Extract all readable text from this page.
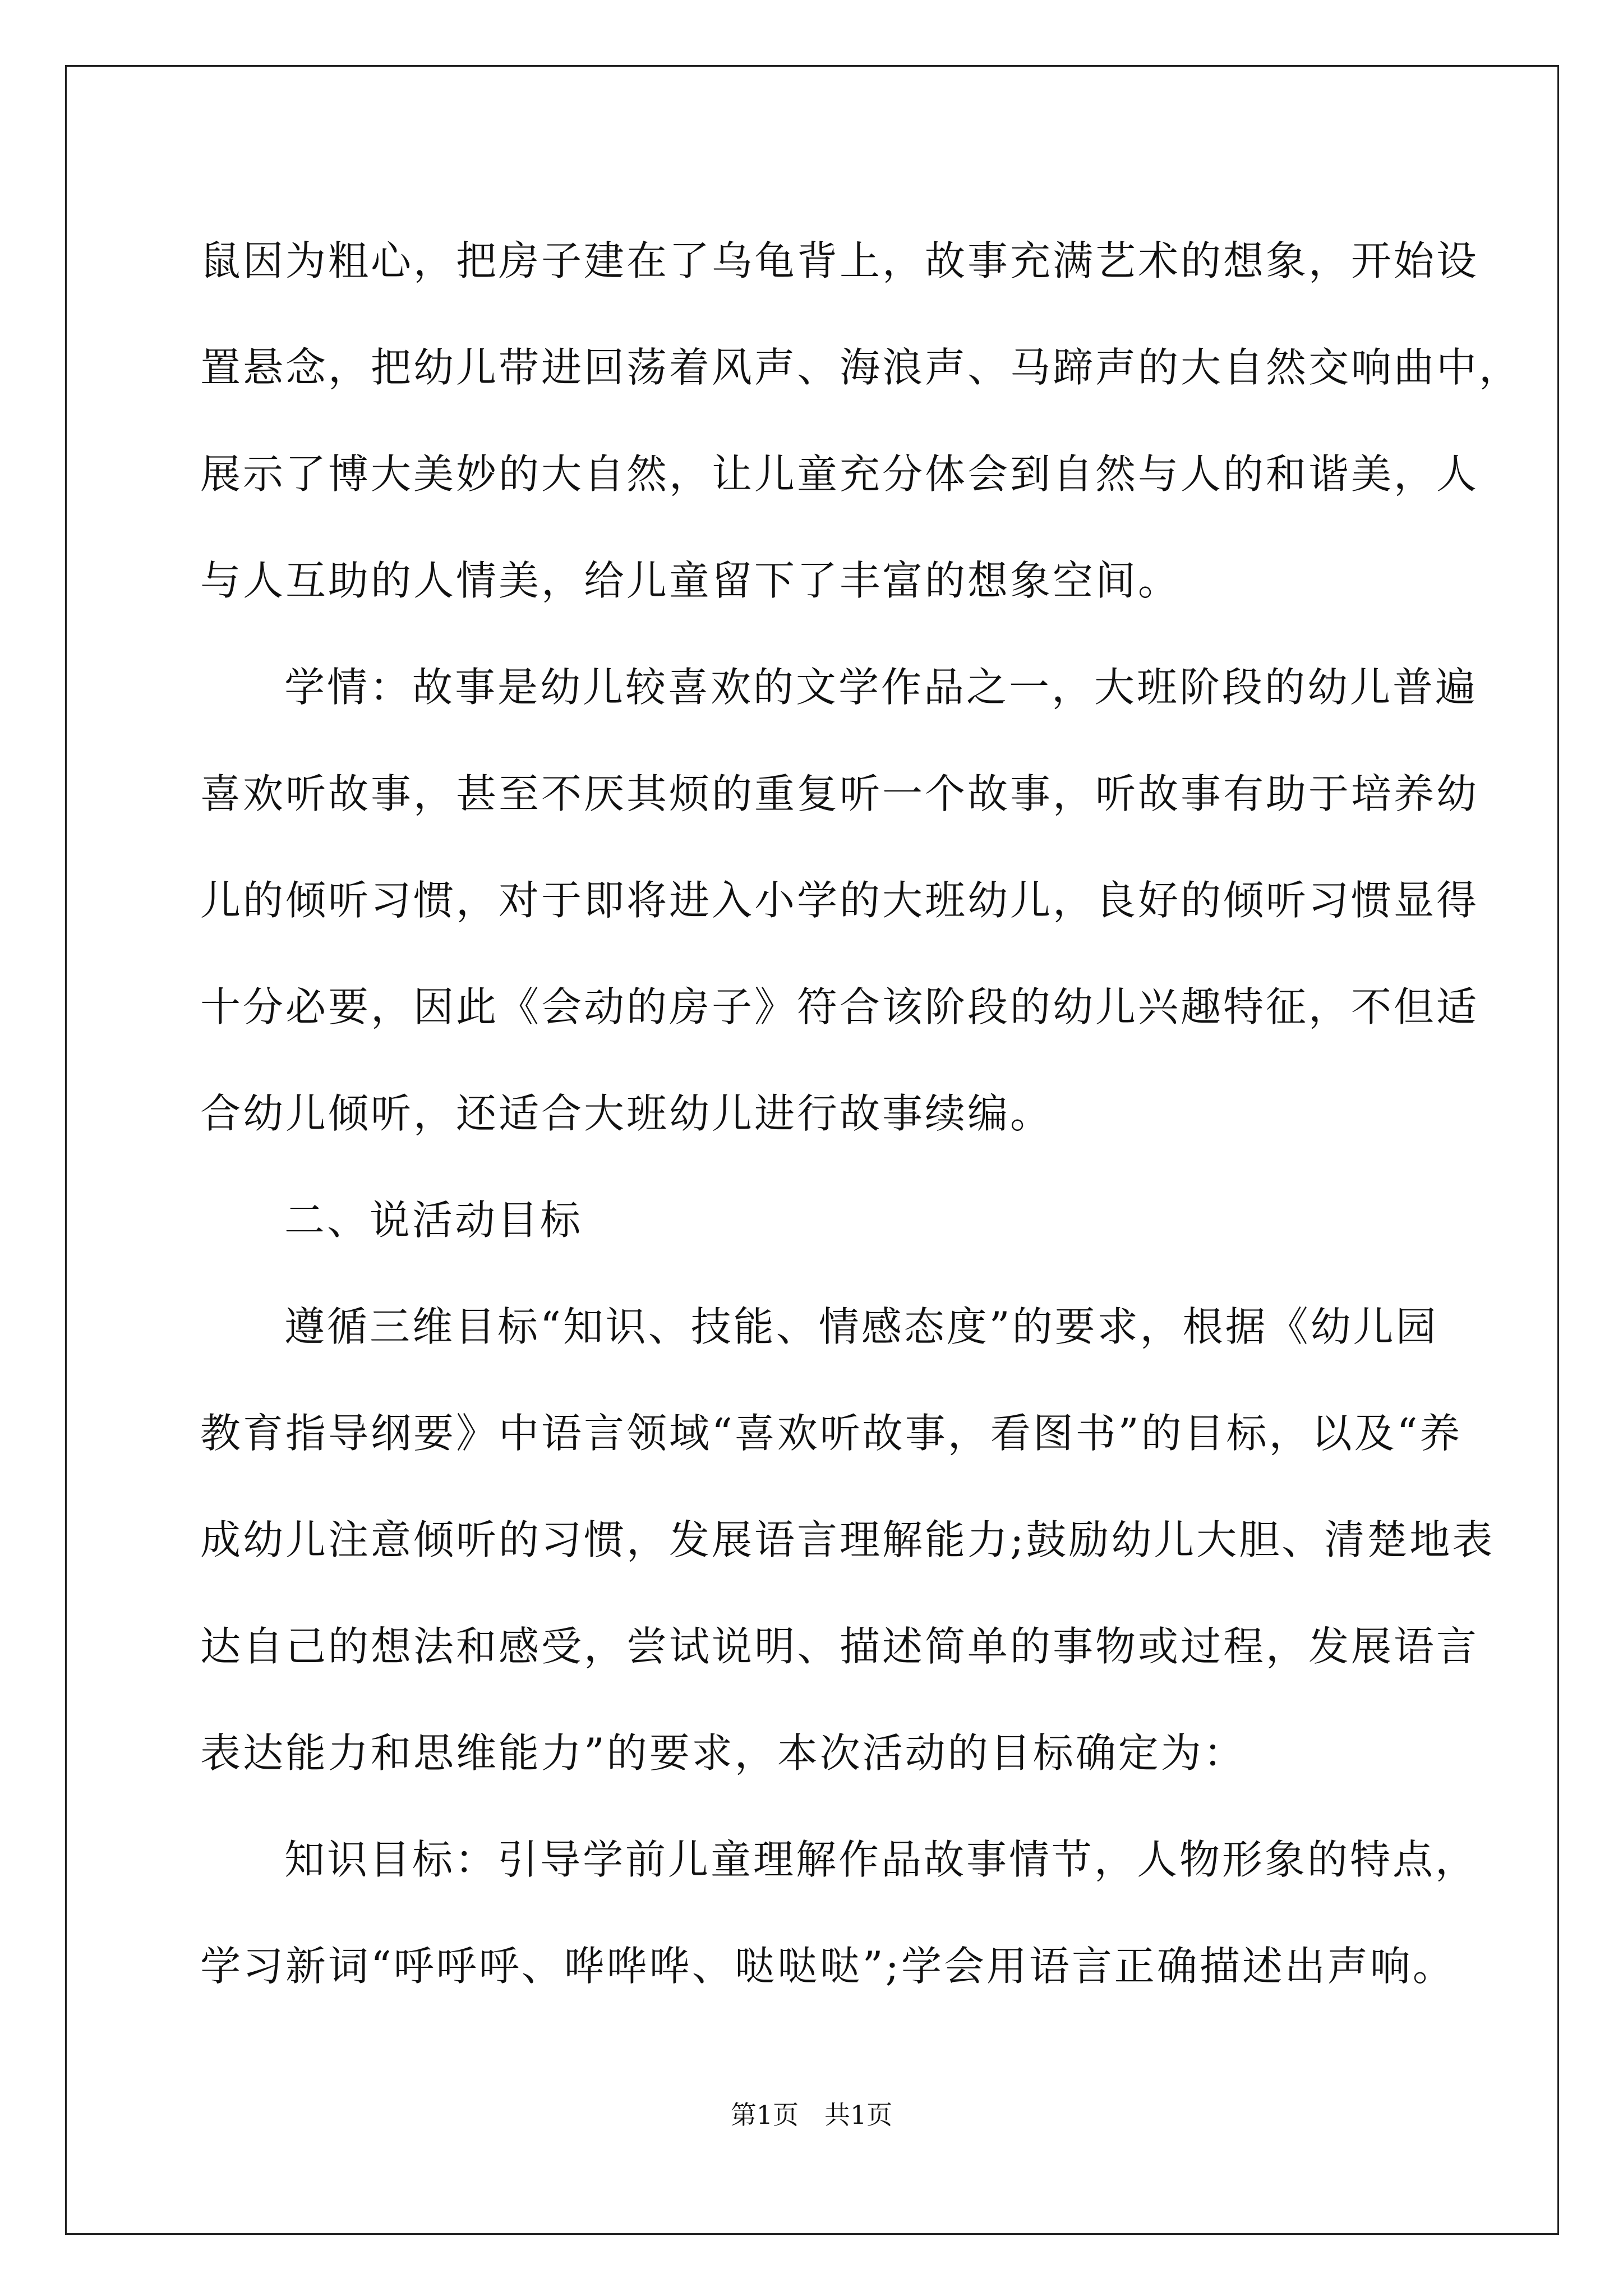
鼠因为粗心，把房子建在了乌龟背上，故事充满艺术的想象，开始设
置悬念，把幼儿带进回荡着风声、海浪声、马蹄声的大自然交响曲中，
展示了博大美妙的大自然，让儿童充分体会到自然与人的和谐美，人
与人互助的人情美，给儿童留下了丰富的想象空间。
学情：故事是幼儿较喜欢的文学作品之一，大班阶段的幼儿普遍
喜欢听故事，甚至不厌其烦的重复听一个故事，听故事有助于培养幼
儿的倾听习惯，对于即将进入小学的大班幼儿，良好的倾听习惯显得
十分必要，因此《会动的房子》符合该阶段的幼儿兴趣特征，不但适
合幼儿倾听，还适合大班幼儿进行故事续编。
二、说活动目标
遵循三维目标“知识、技能、情感态度”的要求，根据《幼儿园
教育指导纲要》中语言领域“喜欢听故事，看图书”的目标，以及“养
成幼儿注意倾听的习惯，发展语言理解能力;鼓励幼儿大胆、清楚地表
达自己的想法和感受，尝试说明、描述简单的事物或过程，发展语言
表达能力和思维能力”的要求，本次活动的目标确定为：
知识目标：引导学前儿童理解作品故事情节，人物形象的特点，
学习新词“呼呼呼、哗哗哗、哒哒哒”;学会用语言正确描述出声响。
第1页　共1页
